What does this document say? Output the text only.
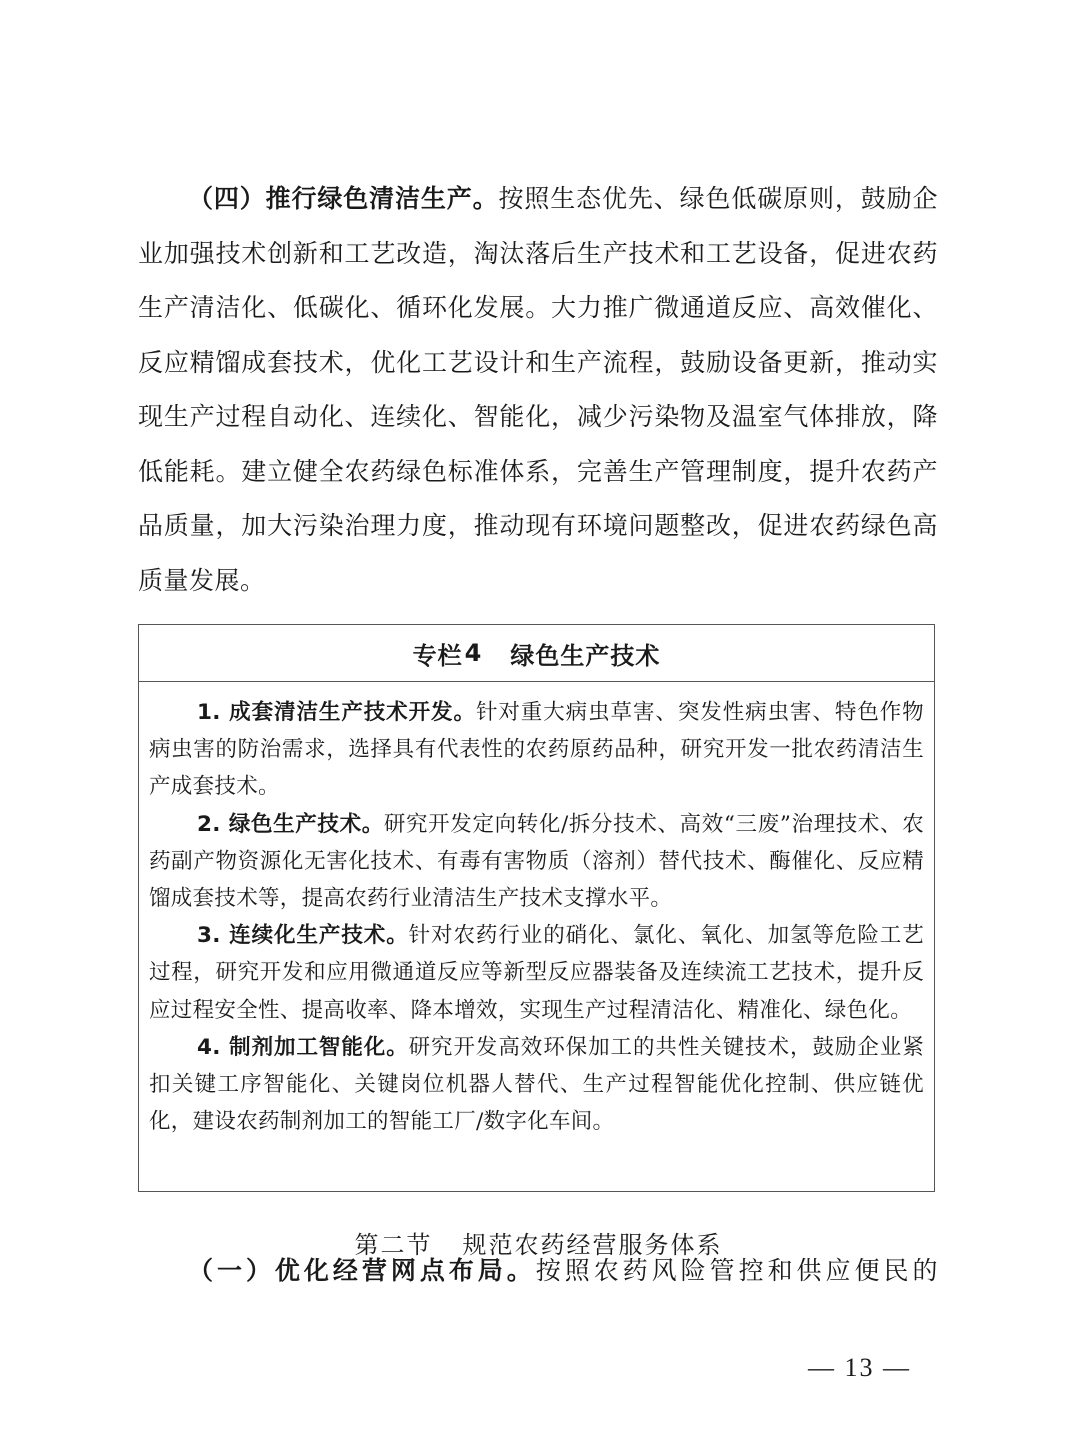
（四）推行绿色清洁生产。按照生态优先、绿色低碳原则，鼓励企业加强技术创新和工艺改造，淘汰落后生产技术和工艺设备，促进农药生产清洁化、低碳化、循环化发展。大力推广微通道反应、高效催化、反应精馏成套技术，优化工艺设计和生产流程，鼓励设备更新，推动实现生产过程自动化、连续化、智能化，减少污染物及温室气体排放，降低能耗。建立健全农药绿色标准体系，完善生产管理制度，提升农药产品质量，加大污染治理力度，推动现有环境问题整改，促进农药绿色高质量发展。

专栏 4 绿色生产技术

1. 成套清洁生产技术开发。针对重大病虫草害、突发性病虫害、特色作物病虫害的防治需求，选择具有代表性的农药原药品种，研究开发一批农药清洁生产成套技术。

2. 绿色生产技术。研究开发定向转化/拆分技术、高效“三废”治理技术、农药副产物资源化无害化技术、有毒有害物质（溶剂）替代技术、酶催化、反应精馏成套技术等，提高农药行业清洁生产技术支撑水平。

3. 连续化生产技术。针对农药行业的硝化、氯化、氧化、加氢等危险工艺过程，研究开发和应用微通道反应等新型反应器装备及连续流工艺技术，提升反应过程安全性、提高收率、降本增效，实现生产过程清洁化、精准化、绿色化。

4. 制剂加工智能化。研究开发高效环保加工的共性关键技术，鼓励企业紧扣关键工序智能化、关键岗位机器人替代、生产过程智能优化控制、供应链优化，建设农药制剂加工的智能工厂/数字化车间。

第二节 规范农药经营服务体系

（一）优化经营网点布局。按照农药风险管控和供应便民的

— 13 —
